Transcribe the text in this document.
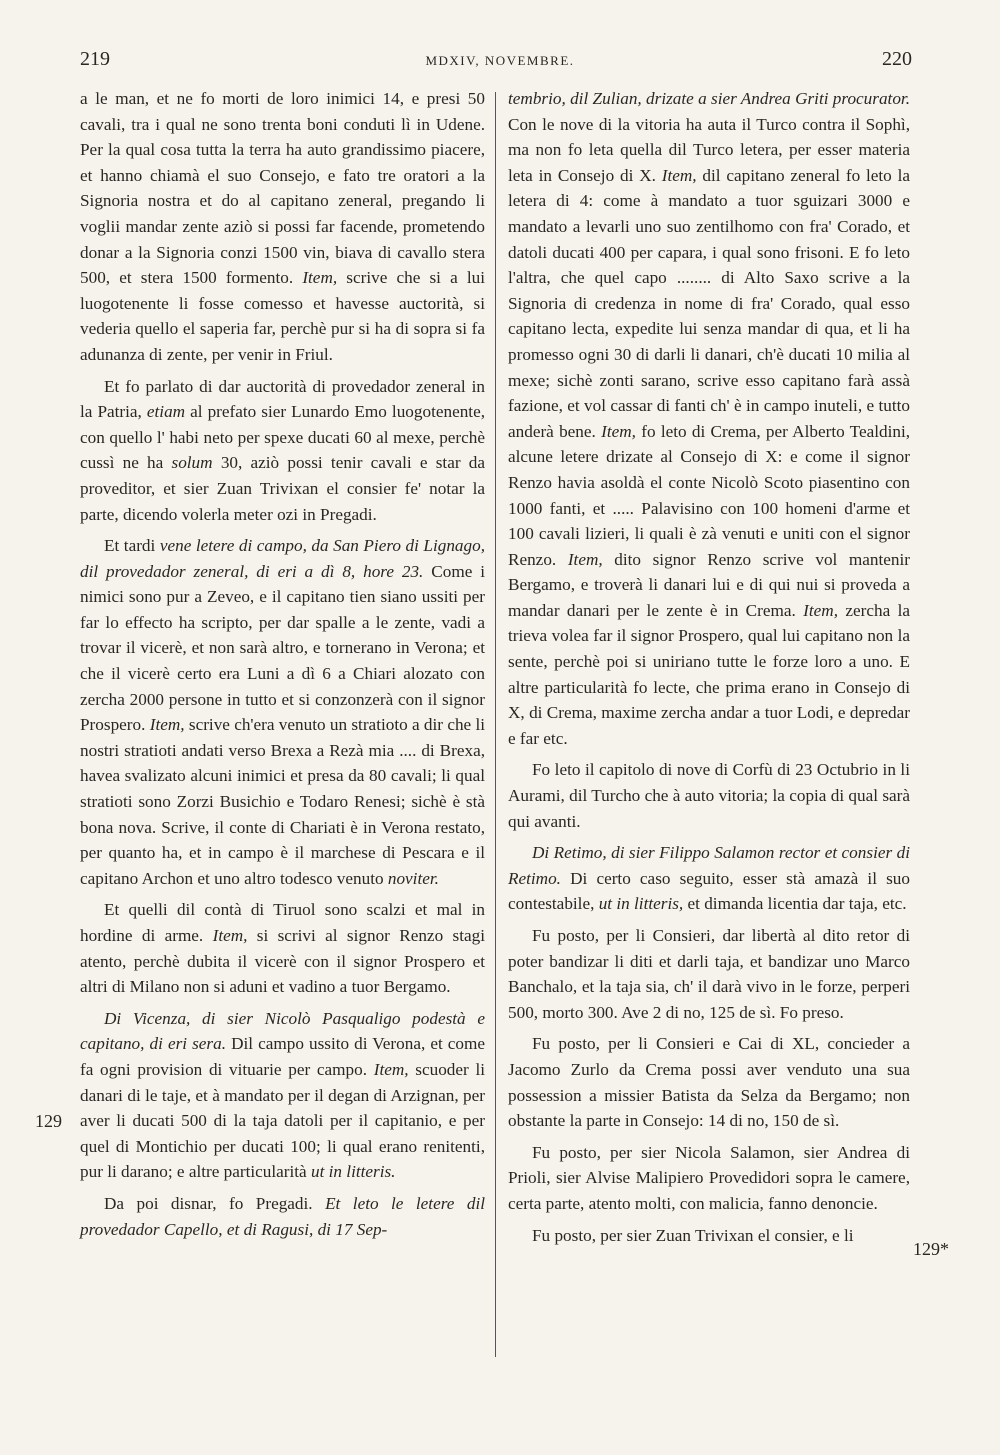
219	MDXIV, NOVEMBRE.	220
129
129*

a le man, et ne fo morti de loro inimici 14, e presi 50 cavali, tra i qual ne sono trenta boni conduti lì in Udene. Per la qual cosa tutta la terra ha auto grandissimo piacere, et hanno chiamà el suo Consejo, e fato tre oratori a la Signoria nostra et do al capitano zeneral, pregando li voglii mandar zente aziò si possi far facende, prometendo donar a la Signoria conzi 1500 vin, biava di cavallo stera 500, et stera 1500 formento. Item, scrive che si a lui luogotenente li fosse comesso et havesse auctorità, si vederia quello el saperia far, perchè pur si ha di sopra si fa adunanza di zente, per venir in Friul.

Et fo parlato di dar auctorità di provedador zeneral in la Patria, etiam al prefato sier Lunardo Emo luogotenente, con quello l' habi neto per spexe ducati 60 al mexe, perchè cussì ne ha solum 30, aziò possi tenir cavali e star da proveditor, et sier Zuan Trivixan el consier fe' notar la parte, dicendo volerla meter ozi in Pregadi.

Et tardi vene letere di campo, da San Piero di Lignago, dil provedador zeneral, di eri a dì 8, hore 23. Come i nimici sono pur a Zeveo, e il capitano tien siano ussiti per far lo effecto ha scripto, per dar spalle a le zente, vadi a trovar il vicerè, et non sarà altro, e tornerano in Verona; et che il vicerè certo era Luni a dì 6 a Chiari alozato con zercha 2000 persone in tutto et si conzonzerà con il signor Prospero. Item, scrive ch'era venuto un stratioto a dir che li nostri stratioti andati verso Brexa a Rezà mia .... di Brexa, havea svalizato alcuni inimici et presa da 80 cavali; li qual stratioti sono Zorzi Busichio e Todaro Renesi; sichè è stà bona nova. Scrive, il conte di Chariati è in Verona restato, per quanto ha, et in campo è il marchese di Pescara e il capitano Archon et uno altro todesco venuto noviter.

Et quelli dil contà di Tiruol sono scalzi et mal in hordine di arme. Item, si scrivi al signor Renzo stagi atento, perchè dubita il vicerè con il signor Prospero et altri di Milano non si aduni et vadino a tuor Bergamo.

Di Vicenza, di sier Nicolò Pasqualigo podestà e capitano, di eri sera. Dil campo ussito di Verona, et come fa ogni provision di vituarie per campo. Item, scuoder li danari di le taje, et à mandato per il degan di Arzignan, per aver li ducati 500 di la taja datoli per il capitanio, e per quel di Montichio per ducati 100; li qual erano renitenti, pur li darano; e altre particularità ut in litteris.

Da poi disnar, fo Pregadi. Et leto le letere dil provedador Capello, et di Ragusi, di 17 Sep-

tembrio, dil Zulian, drizate a sier Andrea Griti procurator. Con le nove di la vitoria ha auta il Turco contra il Sophì, ma non fo leta quella dil Turco letera, per esser materia leta in Consejo di X. Item, dil capitano zeneral fo leto la letera di 4: come à mandato a tuor sguizari 3000 e mandato a levarli uno suo zentilhomo con fra' Corado, et datoli ducati 400 per capara, i qual sono frisoni. E fo leto l'altra, che quel capo ........ di Alto Saxo scrive a la Signoria di credenza in nome di fra' Corado, qual esso capitano lecta, expedite lui senza mandar di qua, et li ha promesso ogni 30 di darli li danari, ch'è ducati 10 milia al mexe; sichè zonti sarano, scrive esso capitano farà assà fazione, et vol cassar di fanti ch' è in campo inuteli, e tutto anderà bene. Item, fo leto di Crema, per Alberto Tealdini, alcune letere drizate al Consejo di X: e come il signor Renzo havia asoldà el conte Nicolò Scoto piasentino con 1000 fanti, et ..... Palavisino con 100 homeni d'arme et 100 cavali lizieri, li quali è zà venuti e uniti con el signor Renzo. Item, dito signor Renzo scrive vol mantenir Bergamo, e troverà li danari lui e di qui nui si proveda a mandar danari per le zente è in Crema. Item, zercha la trieva volea far il signor Prospero, qual lui capitano non la sente, perchè poi si uniriano tutte le forze loro a uno. E altre particularità fo lecte, che prima erano in Consejo di X, di Crema, maxime zercha andar a tuor Lodi, e depredar e far etc.

Fo leto il capitolo di nove di Corfù di 23 Octubrio in li Aurami, dil Turcho che à auto vitoria; la copia di qual sarà qui avanti.

Di Retimo, di sier Filippo Salamon rector et consier di Retimo. Di certo caso seguito, esser stà amazà il suo contestabile, ut in litteris, et dimanda licentia dar taja, etc.

Fu posto, per li Consieri, dar libertà al dito retor di poter bandizar li diti et darli taja, et bandizar uno Marco Banchalo, et la taja sia, ch' il darà vivo in le forze, perperi 500, morto 300. Ave 2 di no, 125 de sì. Fo preso.

Fu posto, per li Consieri e Cai di XL, concieder a Jacomo Zurlo da Crema possi aver venduto una sua possession a missier Batista da Selza da Bergamo; non obstante la parte in Consejo: 14 di no, 150 de sì.

Fu posto, per sier Nicola Salamon, sier Andrea di Prioli, sier Alvise Malipiero Provedidori sopra le camere, certa parte, atento molti, con malicia, fanno denoncie.

Fu posto, per sier Zuan Trivixan el consier, e li
